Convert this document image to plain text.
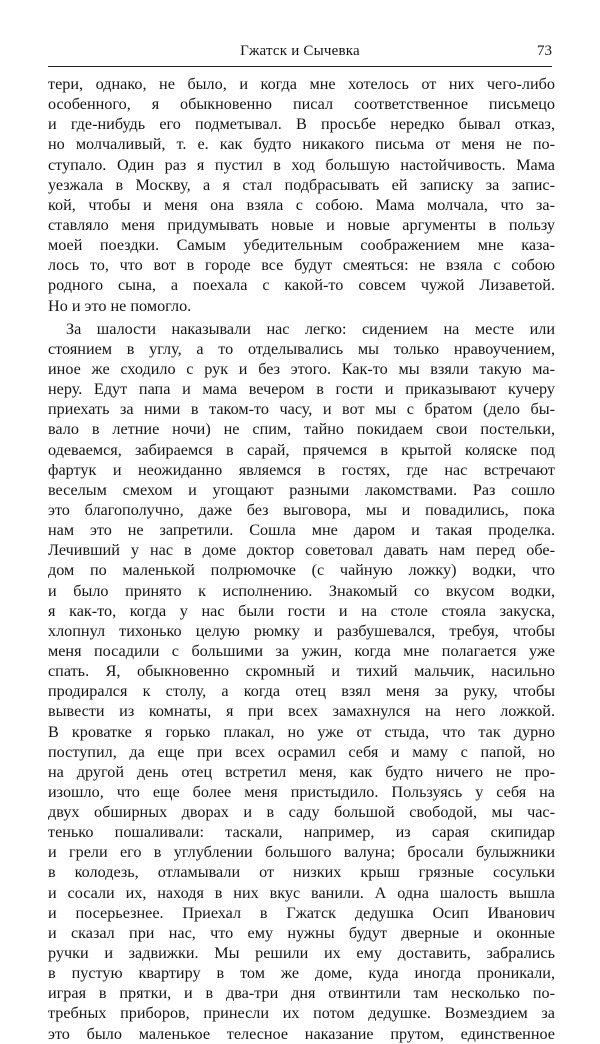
Гжатск и Сычевка	73
тери, однако, не было, и когда мне хотелось от них чего-либо
особенного, я обыкновенно писал соответственное письмецо
и где-нибудь его подметывал. В просьбе нередко бывал отказ,
но молчаливый, т. е. как будто никакого письма от меня не по-
ступало. Один раз я пустил в ход большую настойчивость. Мама
уезжала в Москву, а я стал подбрасывать ей записку за запис-
кой, чтобы и меня она взяла с собою. Мама молчала, что за-
ставляло меня придумывать новые и новые аргументы в пользу
моей поездки. Самым убедительным соображением мне каза-
лось то, что вот в городе все будут смеяться: не взяла с собою
родного сына, а поехала с какой-то совсем чужой Лизаветой.
Но и это не помогло.
За шалости наказывали нас легко: сидением на месте или
стоянием в углу, а то отделывались мы только нравоучением,
иное же сходило с рук и без этого. Как-то мы взяли такую ма-
неру. Едут папа и мама вечером в гости и приказывают кучеру
приехать за ними в таком-то часу, и вот мы с братом (дело бы-
вало в летние ночи) не спим, тайно покидаем свои постельки,
одеваемся, забираемся в сарай, прячемся в крытой коляске под
фартук и неожиданно являемся в гостях, где нас встречают
веселым смехом и угощают разными лакомствами. Раз сошло
это благополучно, даже без выговора, мы и повадились, пока
нам это не запретили. Сошла мне даром и такая проделка.
Лечивший у нас в доме доктор советовал давать нам перед обе-
дом по маленькой полрюмочке (с чайную ложку) водки, что
и было принято к исполнению. Знакомый со вкусом водки,
я как-то, когда у нас были гости и на столе стояла закуска,
хлопнул тихонько целую рюмку и разбушевался, требуя, чтобы
меня посадили с большими за ужин, когда мне полагается уже
спать. Я, обыкновенно скромный и тихий мальчик, насильно
продирался к столу, а когда отец взял меня за руку, чтобы
вывести из комнаты, я при всех замахнулся на него ложкой.
В кроватке я горько плакал, но уже от стыда, что так дурно
поступил, да еще при всех осрамил себя и маму с папой, но
на другой день отец встретил меня, как будто ничего не про-
изошло, что еще более меня пристыдило. Пользуясь у себя на
двух обширных дворах и в саду большой свободой, мы час-
тенько пошаливали: таскали, например, из сарая скипидар
и грели его в углублении большого валуна; бросали булыжники
в колодезь, отламывали от низких крыш грязные сосульки
и сосали их, находя в них вкус ванили. А одна шалость вышла
и посерьезнее. Приехал в Гжатск дедушка Осип Иванович
и сказал при нас, что ему нужны будут дверные и оконные
ручки и задвижки. Мы решили их ему доставить, забрались
в пустую квартиру в том же доме, куда иногда проникали,
играя в прятки, и в два-три дня отвинтили там несколько по-
требных приборов, принесли их потом дедушке. Возмездием за
это было маленькое телесное наказание прутом, единственное
